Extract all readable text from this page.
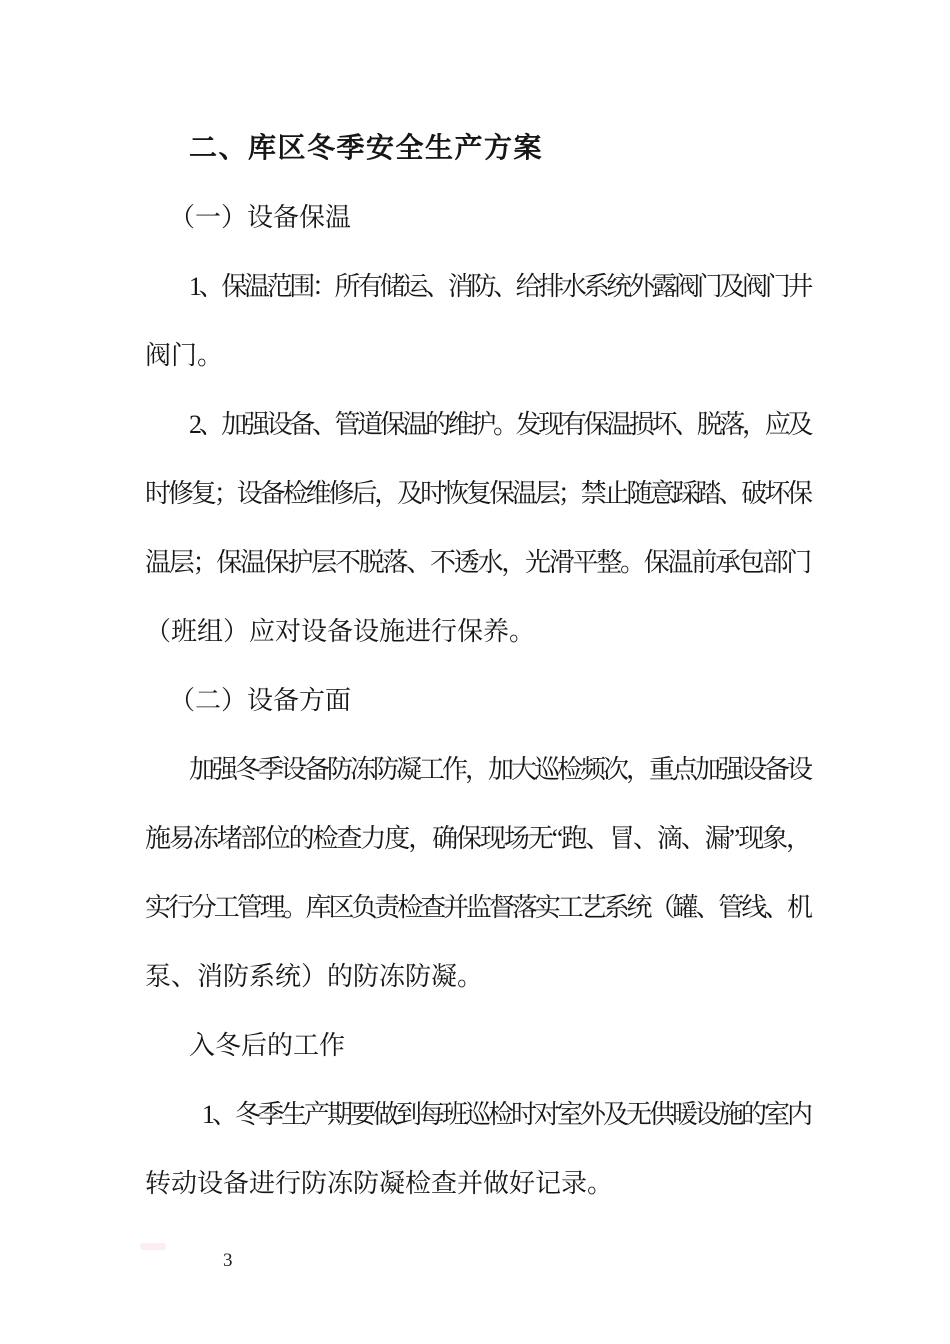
二、库区冬季安全生产方案
（一）设备保温
1、保温范围：所有储运、消防、给排水系统外露阀门及阀门井
阀门。
2、加强设备、管道保温的维护。发现有保温损坏、脱落，应及
时修复；设备检维修后，及时恢复保温层；禁止随意踩踏、破坏保
温层；保温保护层不脱落、不透水，光滑平整。保温前承包部门
（班组）应对设备设施进行保养。
（二）设备方面
加强冬季设备防冻防凝工作，加大巡检频次，重点加强设备设
施易冻堵部位的检查力度，确保现场无“跑、冒、滴、漏”现象，
实行分工管理。库区负责检查并监督落实工艺系统（罐、管线、机
泵、消防系统）的防冻防凝。
入冬后的工作
1、冬季生产期要做到每班巡检时对室外及无供暖设施的室内
转动设备进行防冻防凝检查并做好记录。
3
